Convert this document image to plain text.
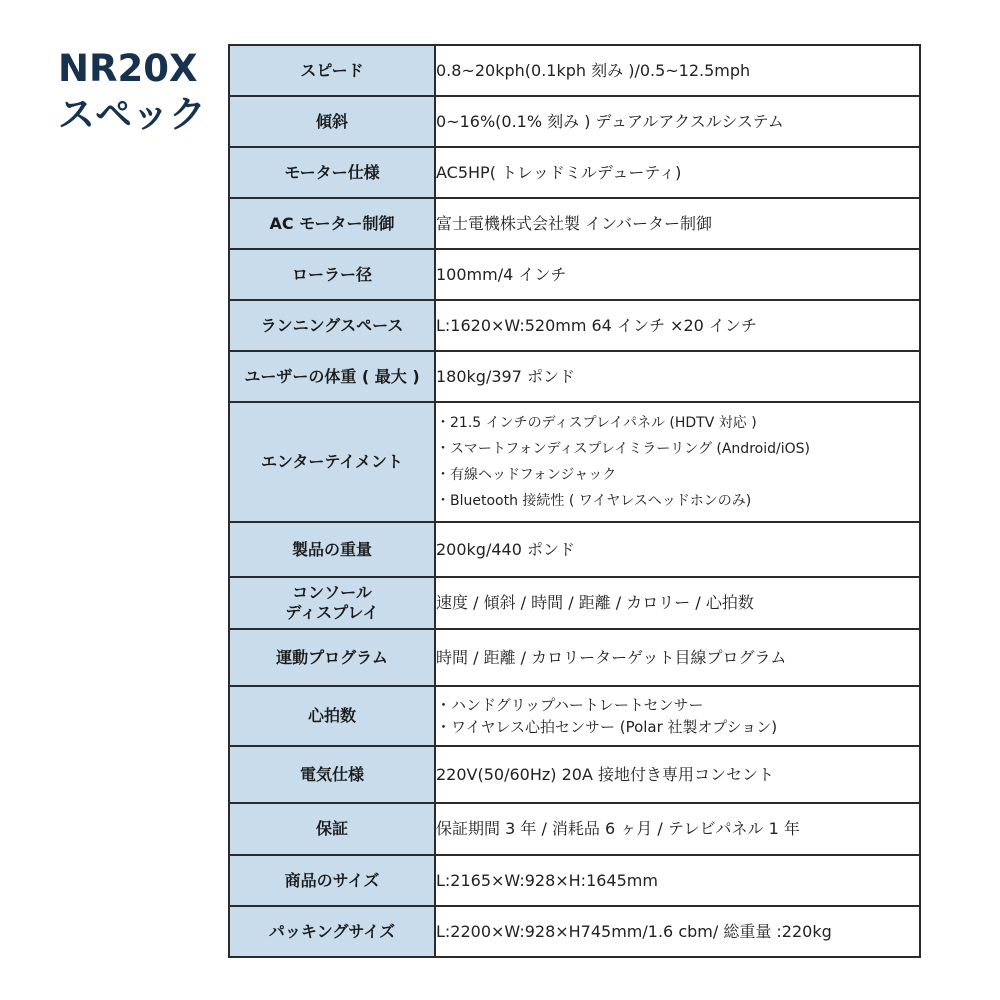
NR20X
スペック
スピード	0.8~20kph(0.1kph 刻み )/0.5~12.5mph

傾斜	0~16%(0.1% 刻み ) デュアルアクスルシステム

モーター仕様	AC5HP( トレッドミルデューティ)

AC モーター制御	富士電機株式会社製 インバーター制御

ローラー径	100mm/4 インチ

ランニングスペース	L:1620×W:520mm 64 インチ ×20 インチ

ユーザーの体重 ( 最大 )	180kg/397 ポンド

エンターテイメント	・21.5 インチのディスプレイパネル (HDTV 対応 )
・スマートフォンディスプレイミラーリング (Android/iOS)
・有線ヘッドフォンジャック
・Bluetooth 接続性 ( ワイヤレスヘッドホンのみ)

製品の重量	200kg/440 ポンド

コンソール
ディスプレイ	速度 / 傾斜 / 時間 / 距離 / カロリー / 心拍数

運動プログラム	時間 / 距離 / カロリーターゲット目線プログラム

心拍数	・ハンドグリップハートレートセンサー
・ワイヤレス心拍センサー (Polar 社製オプション)

電気仕様	220V(50/60Hz) 20A 接地付き専用コンセント

保証	保証期間 3 年 / 消耗品 6 ヶ月 / テレビパネル 1 年

商品のサイズ	L:2165×W:928×H:1645mm

パッキングサイズ	L:2200×W:928×H745mm/1.6 cbm/ 総重量 :220kg
